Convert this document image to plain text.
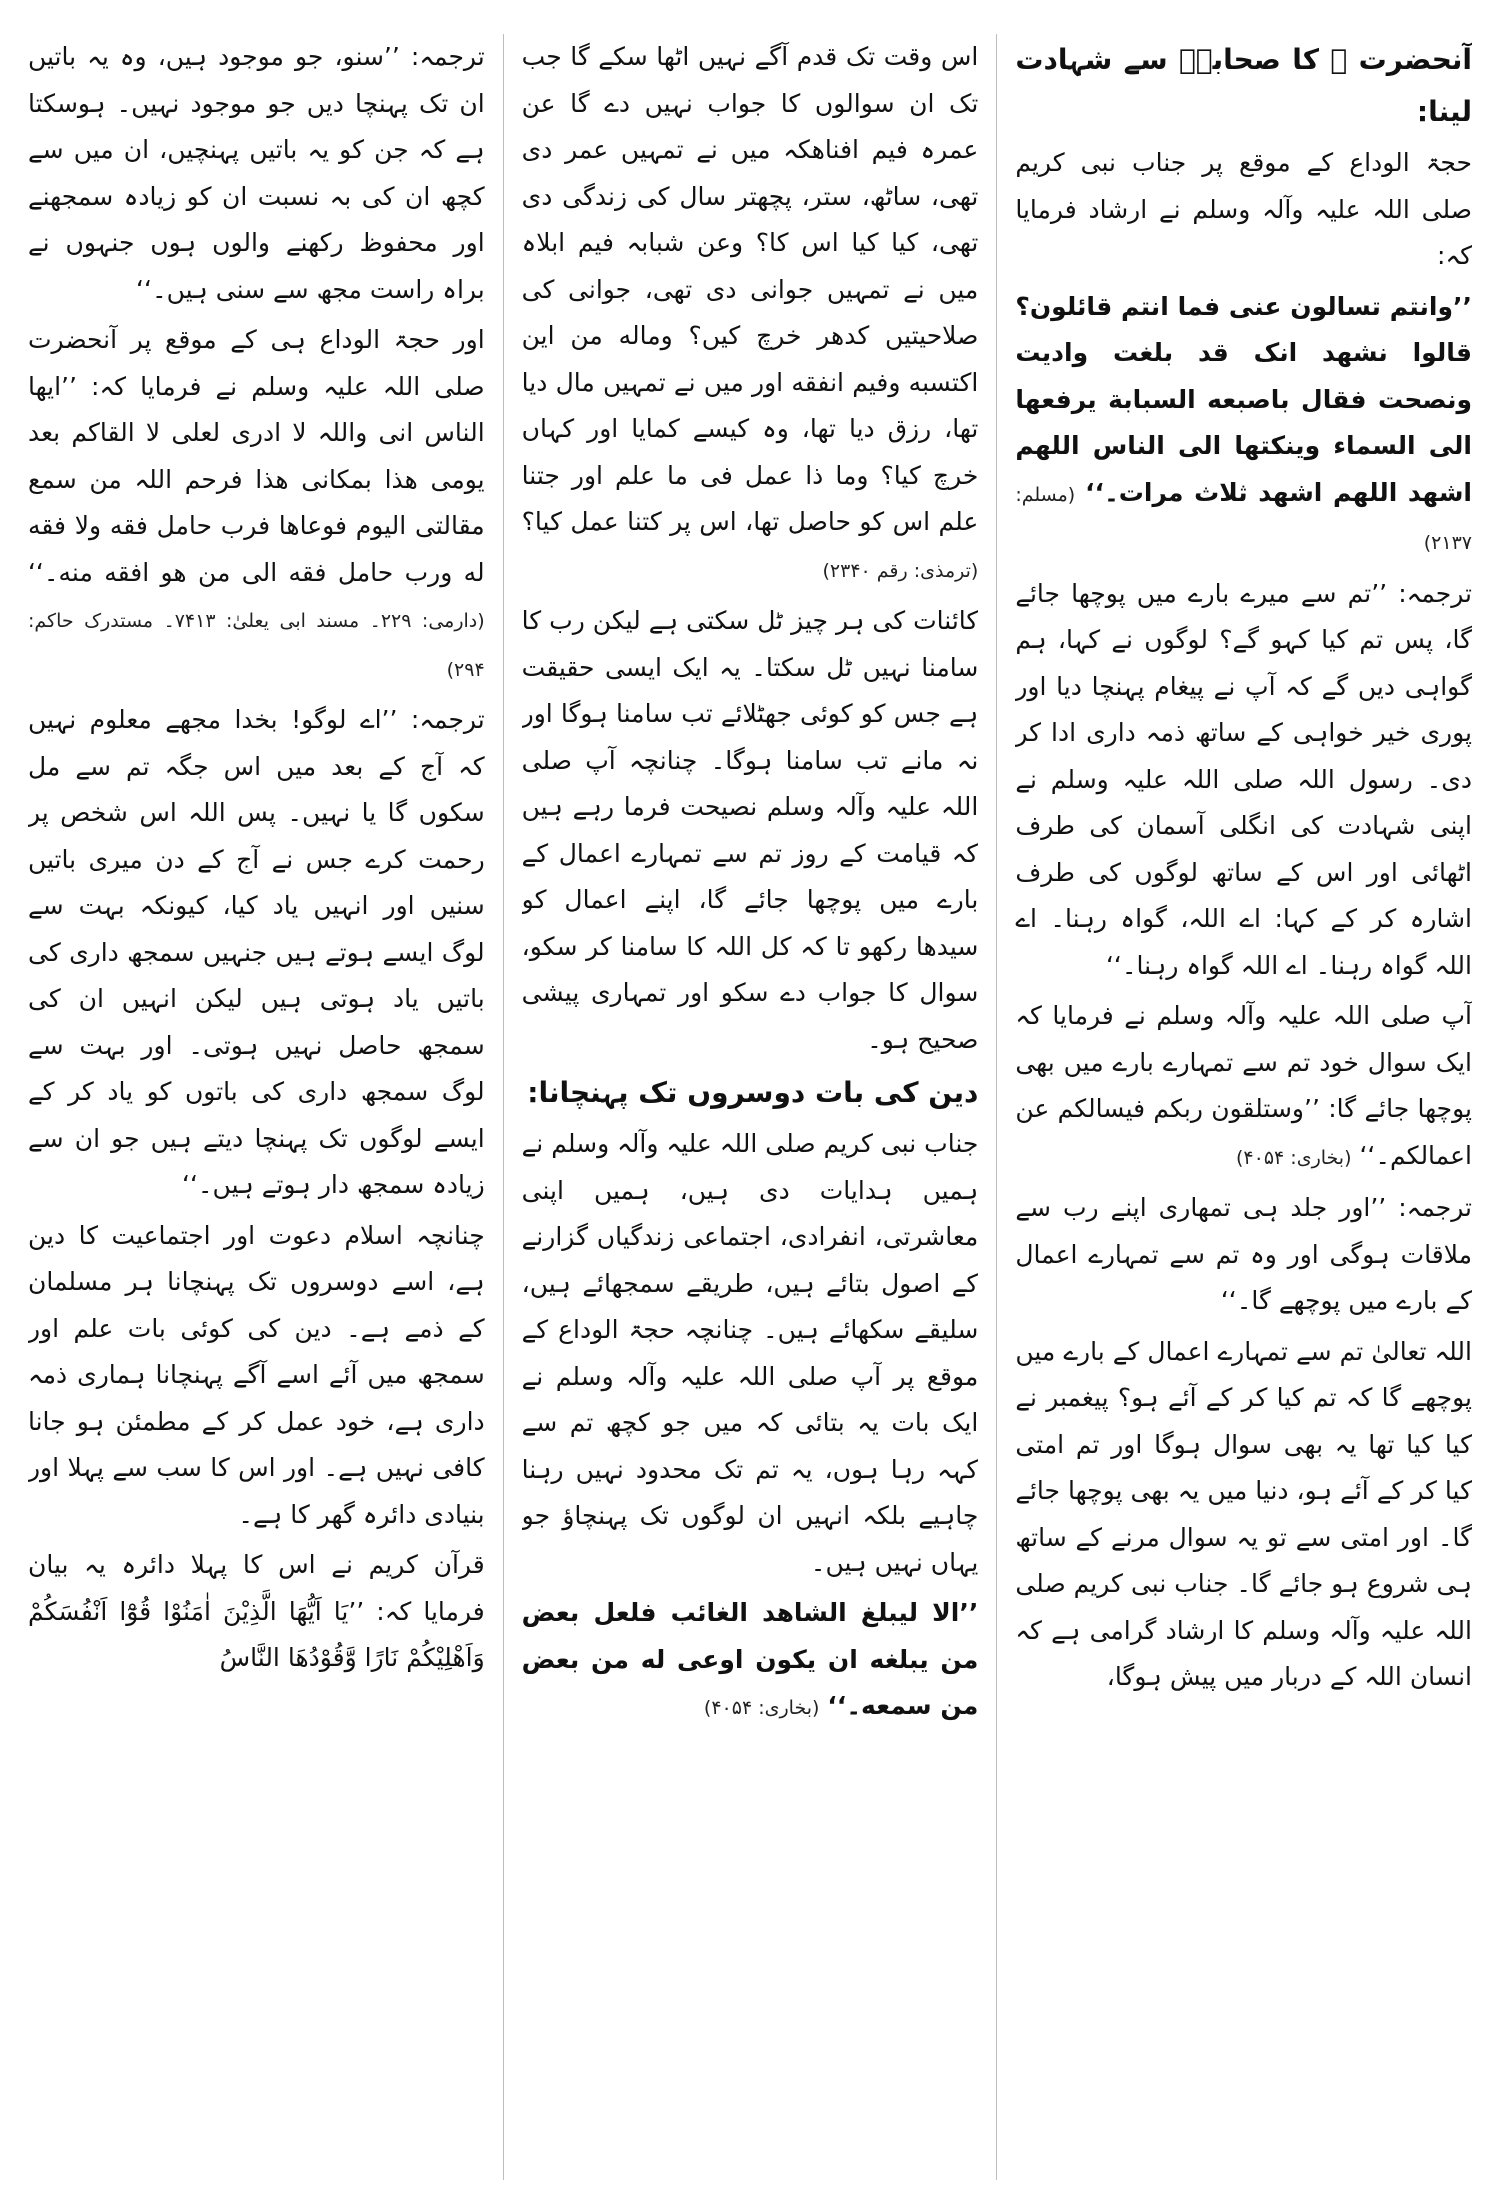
آنحضرت ﷺ کا صحابہؓ سے شہادت لینا:
حجۃ الوداع کے موقع پر جناب نبی کریم صلی اللہ علیہ وآلہ وسلم نے ارشاد فرمایا کہ:
’’وانتم تسالون عنی فما انتم قائلون؟ قالوا نشھد انک قد بلغت وادیت ونصحت فقال باصبعه السبابة یرفعھا الی السماء وینکتھا الی الناس اللھم اشھد اللھم اشھد ثلاث مرات۔‘‘ (مسلم: ۲۱۳۷)
ترجمہ: ’’تم سے میرے بارے میں پوچھا جائے گا، پس تم کیا کہو گے؟ لوگوں نے کہا، ہم گواہی دیں گے کہ آپ نے پیغام پہنچا دیا اور پوری خیر خواہی کے ساتھ ذمہ داری ادا کر دی۔ رسول اللہ صلی اللہ علیہ وسلم نے اپنی شہادت کی انگلی آسمان کی طرف اٹھائی اور اس کے ساتھ لوگوں کی طرف اشارہ کر کے کہا: اے اللہ، گواہ رہنا۔ اے اللہ گواہ رہنا۔ اے اللہ گواہ رہنا۔‘‘
آپ صلی اللہ علیہ وآلہ وسلم نے فرمایا کہ ایک سوال خود تم سے تمہارے بارے میں بھی پوچھا جائے گا: ’’وستلقون ربکم فیسالکم عن اعمالکم۔‘‘ (بخاری: ۴۰۵۴)
ترجمہ: ’’اور جلد ہی تمھاری اپنے رب سے ملاقات ہوگی اور وہ تم سے تمہارے اعمال کے بارے میں پوچھے گا۔‘‘
اللہ تعالیٰ تم سے تمہارے اعمال کے بارے میں پوچھے گا کہ تم کیا کر کے آئے ہو؟ پیغمبر نے کیا کیا تھا یہ بھی سوال ہوگا اور تم امتی کیا کر کے آئے ہو، دنیا میں یہ بھی پوچھا جائے گا۔ اور امتی سے تو یہ سوال مرنے کے ساتھ ہی شروع ہو جائے گا۔ جناب نبی کریم صلی اللہ علیہ وآلہ وسلم کا ارشاد گرامی ہے کہ انسان اللہ کے دربار میں پیش ہوگا،
اس وقت تک قدم آگے نہیں اٹھا سکے گا جب تک ان سوالوں کا جواب نہیں دے گا عن عمرہ فیم افناھکہ میں نے تمہیں عمر دی تھی، ساٹھ، ستر، پچھتر سال کی زندگی دی تھی، کیا کیا اس کا؟ وعن شبابہ فیم ابلاہ میں نے تمہیں جوانی دی تھی، جوانی کی صلاحیتیں کدھر خرچ کیں؟ وماله من این اکتسبه وفیم انفقه اور میں نے تمہیں مال دیا تھا، رزق دیا تھا، وہ کیسے کمایا اور کہاں خرچ کیا؟ وما ذا عمل فی ما علم اور جتنا علم اس کو حاصل تھا، اس پر کتنا عمل کیا؟ (ترمذی: رقم ۲۳۴۰)
کائنات کی ہر چیز ٹل سکتی ہے لیکن رب کا سامنا نہیں ٹل سکتا۔ یہ ایک ایسی حقیقت ہے جس کو کوئی جھٹلائے تب سامنا ہوگا اور نہ مانے تب سامنا ہوگا۔ چنانچہ آپ صلی اللہ علیہ وآلہ وسلم نصیحت فرما رہے ہیں کہ قیامت کے روز تم سے تمہارے اعمال کے بارے میں پوچھا جائے گا، اپنے اعمال کو سیدھا رکھو تا کہ کل اللہ کا سامنا کر سکو، سوال کا جواب دے سکو اور تمہاری پیشی صحیح ہو۔
دین کی بات دوسروں تک پہنچانا:
جناب نبی کریم صلی اللہ علیہ وآلہ وسلم نے ہمیں ہدایات دی ہیں، ہمیں اپنی معاشرتی، انفرادی، اجتماعی زندگیاں گزارنے کے اصول بتائے ہیں، طریقے سمجھائے ہیں، سلیقے سکھائے ہیں۔ چنانچہ حجۃ الوداع کے موقع پر آپ صلی اللہ علیہ وآلہ وسلم نے ایک بات یہ بتائی کہ میں جو کچھ تم سے کہہ رہا ہوں، یہ تم تک محدود نہیں رہنا چاہیے بلکہ انہیں ان لوگوں تک پہنچاؤ جو یہاں نہیں ہیں۔
’’الا لیبلغ الشاھد الغائب فلعل بعض من یبلغه ان یکون اوعی له من بعض من سمعه۔‘‘ (بخاری: ۴۰۵۴)
ترجمہ: ’’سنو، جو موجود ہیں، وہ یہ باتیں ان تک پہنچا دیں جو موجود نہیں۔ ہوسکتا ہے کہ جن کو یہ باتیں پہنچیں، ان میں سے کچھ ان کی بہ نسبت ان کو زیادہ سمجھنے اور محفوظ رکھنے والوں ہوں جنہوں نے براہ راست مجھ سے سنی ہیں۔‘‘
اور حجۃ الوداع ہی کے موقع پر آنحضرت صلی اللہ علیہ وسلم نے فرمایا کہ: ’’ایھا الناس انی واللہ لا ادری لعلی لا القاکم بعد یومی ھذا بمکانی ھذا فرحم اللہ من سمع مقالتی الیوم فوعاھا فرب حامل فقه ولا فقه له ورب حامل فقه الی من ھو افقه منه۔‘‘ (دارمی: ۲۲۹۔ مسند ابی یعلیٰ: ۷۴۱۳۔ مستدرک حاکم: ۲۹۴)
ترجمہ: ’’اے لوگو! بخدا مجھے معلوم نہیں کہ آج کے بعد میں اس جگہ تم سے مل سکوں گا یا نہیں۔ پس اللہ اس شخص پر رحمت کرے جس نے آج کے دن میری باتیں سنیں اور انہیں یاد کیا، کیونکہ بہت سے لوگ ایسے ہوتے ہیں جنہیں سمجھ داری کی باتیں یاد ہوتی ہیں لیکن انہیں ان کی سمجھ حاصل نہیں ہوتی۔ اور بہت سے لوگ سمجھ داری کی باتوں کو یاد کر کے ایسے لوگوں تک پہنچا دیتے ہیں جو ان سے زیادہ سمجھ دار ہوتے ہیں۔‘‘
چنانچہ اسلام دعوت اور اجتماعیت کا دین ہے، اسے دوسروں تک پہنچانا ہر مسلمان کے ذمے ہے۔ دین کی کوئی بات علم اور سمجھ میں آئے اسے آگے پہنچانا ہماری ذمہ داری ہے، خود عمل کر کے مطمئن ہو جانا کافی نہیں ہے۔ اور اس کا سب سے پہلا اور بنیادی دائرہ گھر کا ہے۔
قرآن کریم نے اس کا پہلا دائرہ یہ بیان فرمایا کہ: ’’یَا اَیُّھَا الَّذِیْنَ اٰمَنُوْا قُوْٓا اَنْفُسَکُمْ وَاَھْلِیْکُمْ نَارًا وَّقُوْدُھَا النَّاسُ
